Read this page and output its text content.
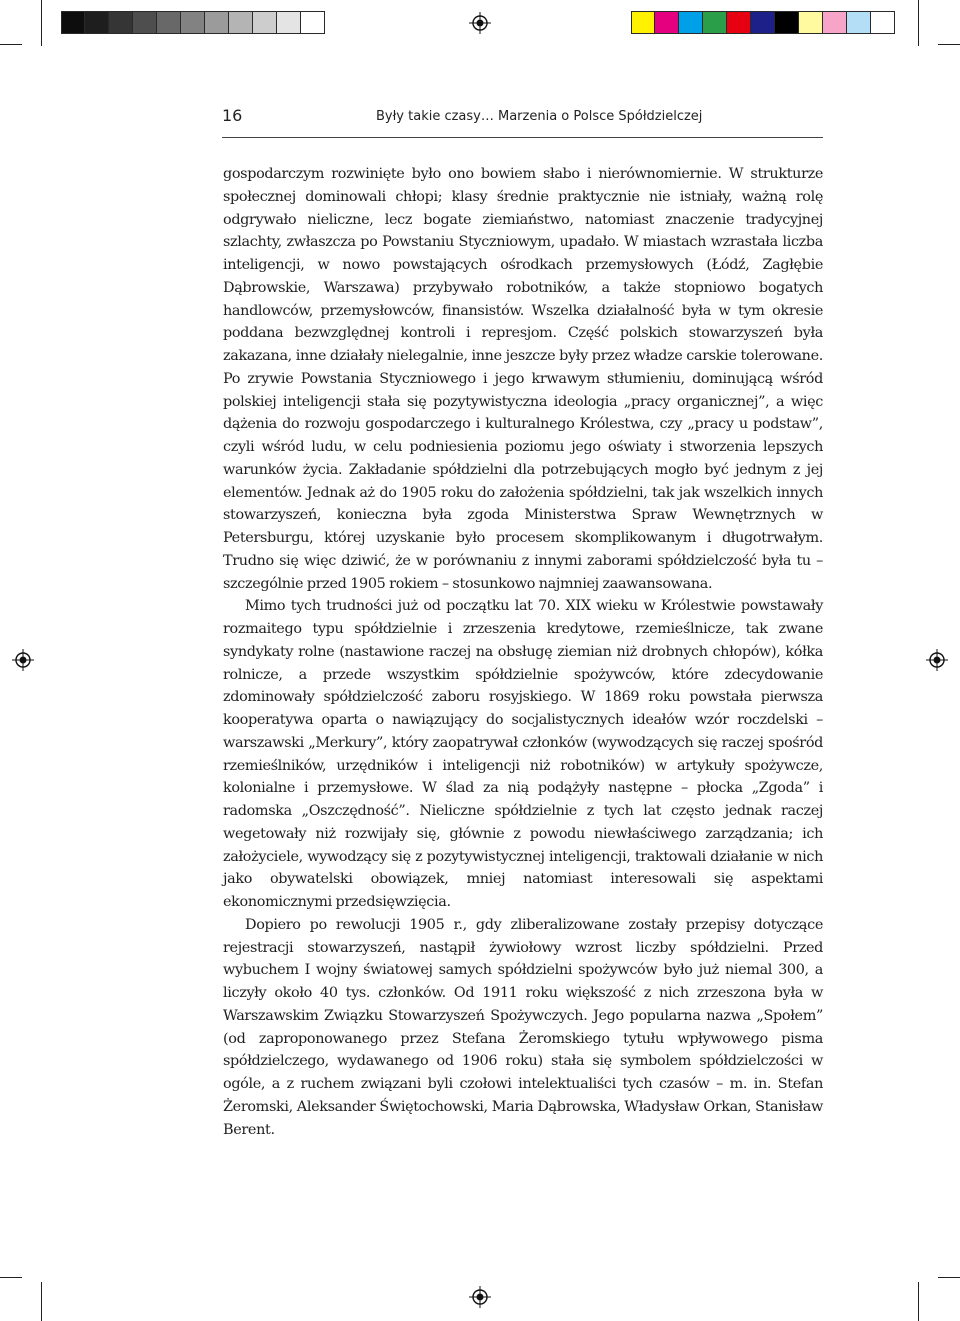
16	Były takie czasy… Marzenia o Polsce Spółdzielczej

gospodarczym rozwinięte było ono bowiem słabo i nierównomiernie. W strukturze społecznej dominowali chłopi; klasy średnie praktycznie nie istniały, ważną rolę odgrywało nieliczne, lecz bogate ziemiaństwo, natomiast znaczenie tradycyjnej szlachty, zwłaszcza po Powstaniu Styczniowym, upadało. W miastach wzrastała liczba inteligencji, w nowo powstających ośrodkach przemysłowych (Łódź, Zagłębie Dąbrowskie, Warszawa) przybywało robotników, a także stopniowo bogatych handlowców, przemysłowców, finansistów. Wszelka działalność była w tym okresie poddana bezwzględnej kontroli i represjom. Część polskich stowarzyszeń była zakazana, inne działały nielegalnie, inne jeszcze były przez władze carskie tolerowane. Po zrywie Powstania Styczniowego i jego krwawym stłumieniu, dominującą wśród polskiej inteligencji stała się pozytywistyczna ideologia „pracy organicznej”, a więc dążenia do rozwoju gospodarczego i kulturalnego Królestwa, czy „pracy u podstaw”, czyli wśród ludu, w celu podniesienia poziomu jego oświaty i stworzenia lepszych warunków życia. Zakładanie spółdzielni dla potrzebujących mogło być jednym z jej elementów. Jednak aż do 1905 roku do założenia spółdzielni, tak jak wszelkich innych stowarzyszeń, konieczna była zgoda Ministerstwa Spraw Wewnętrznych w Petersburgu, której uzyskanie było procesem skomplikowanym i długotrwałym. Trudno się więc dziwić, że w porównaniu z innymi zaborami spółdzielczość była tu – szczególnie przed 1905 rokiem – stosunkowo najmniej zaawansowana.

Mimo tych trudności już od początku lat 70. XIX wieku w Królestwie powstawały rozmaitego typu spółdzielnie i zrzeszenia kredytowe, rzemieślnicze, tak zwane syndykaty rolne (nastawione raczej na obsługę ziemian niż drobnych chłopów), kółka rolnicze, a przede wszystkim spółdzielnie spożywców, które zdecydowanie zdominowały spółdzielczość zaboru rosyjskiego. W 1869 roku powstała pierwsza kooperatywa oparta o nawiązujący do socjalistycznych ideałów wzór roczdelski – warszawski „Merkury”, który zaopatrywał członków (wywodzących się raczej spośród rzemieślników, urzędników i inteligencji niż robotników) w artykuły spożywcze, kolonialne i przemysłowe. W ślad za nią podążyły następne – płocka „Zgoda” i radomska „Oszczędność”. Nieliczne spółdzielnie z tych lat często jednak raczej wegetowały niż rozwijały się, głównie z powodu niewłaściwego zarządzania; ich założyciele, wywodzący się z pozytywistycznej inteligencji, traktowali działanie w nich jako obywatelski obowiązek, mniej natomiast interesowali się aspektami ekonomicznymi przedsięwzięcia.

Dopiero po rewolucji 1905 r., gdy zliberalizowane zostały przepisy dotyczące rejestracji stowarzyszeń, nastąpił żywiołowy wzrost liczby spółdzielni. Przed wybuchem I wojny światowej samych spółdzielni spożywców było już niemal 300, a liczyły około 40 tys. członków. Od 1911 roku większość z nich zrzeszona była w Warszawskim Związku Stowarzyszeń Spożywczych. Jego popularna nazwa „Społem” (od zaproponowanego przez Stefana Żeromskiego tytułu wpływowego pisma spółdzielczego, wydawanego od 1906 roku) stała się symbolem spółdzielczości w ogóle, a z ruchem związani byli czołowi intelektualiści tych czasów – m. in. Stefan Żeromski, Aleksander Świętochowski, Maria Dąbrowska, Władysław Orkan, Stanisław Berent.
